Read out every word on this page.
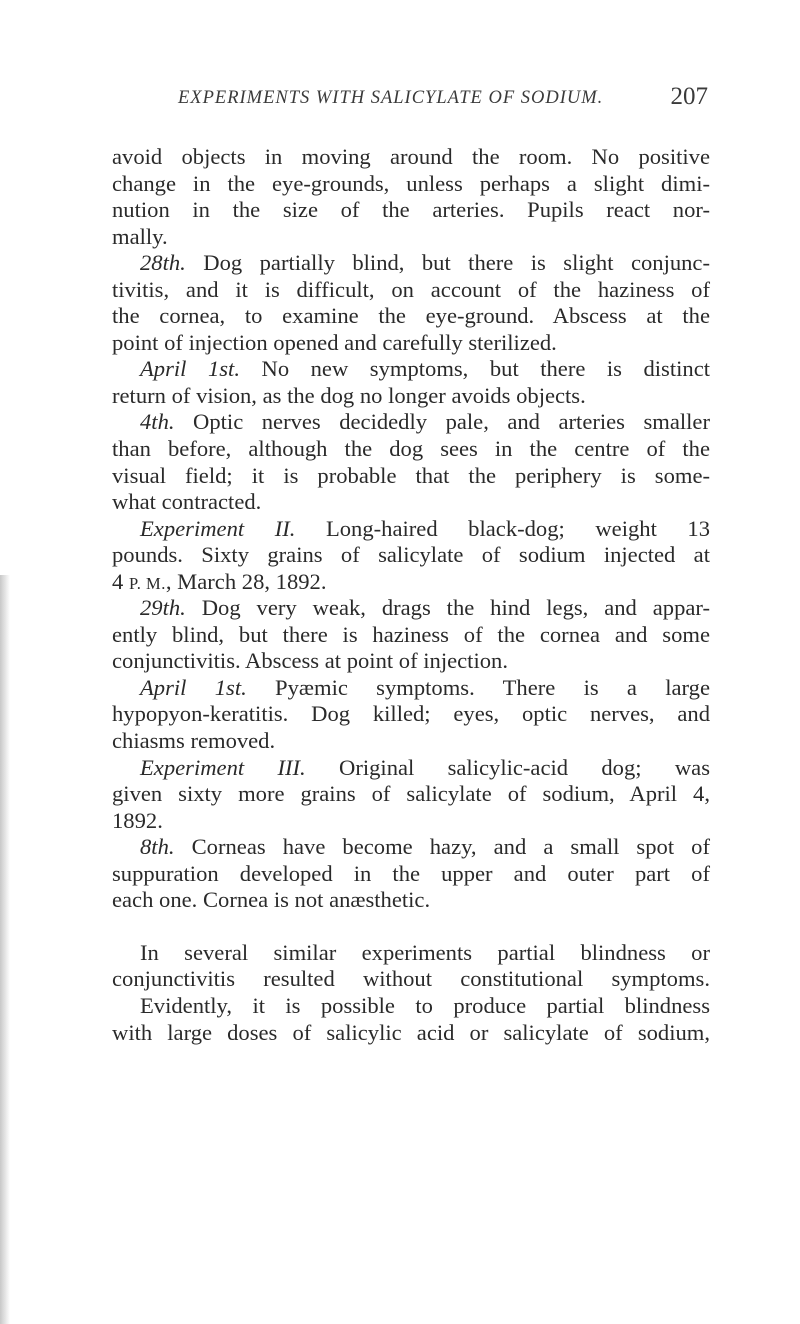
EXPERIMENTS WITH SALICYLATE OF SODIUM.	207
avoid objects in moving around the room. No positive
change in the eye-grounds, unless perhaps a slight dimi-
nution in the size of the arteries. Pupils react nor-
mally.
28th. Dog partially blind, but there is slight conjunc-
tivitis, and it is difficult, on account of the haziness of
the cornea, to examine the eye-ground. Abscess at the
point of injection opened and carefully sterilized.
April 1st. No new symptoms, but there is distinct
return of vision, as the dog no longer avoids objects.
4th. Optic nerves decidedly pale, and arteries smaller
than before, although the dog sees in the centre of the
visual field; it is probable that the periphery is some-
what contracted.
Experiment II. Long-haired black-dog; weight 13
pounds. Sixty grains of salicylate of sodium injected at
4 P. M., March 28, 1892.
29th. Dog very weak, drags the hind legs, and appar-
ently blind, but there is haziness of the cornea and some
conjunctivitis. Abscess at point of injection.
April 1st. Pyæmic symptoms. There is a large
hypopyon-keratitis. Dog killed; eyes, optic nerves, and
chiasms removed.
Experiment III. Original salicylic-acid dog; was
given sixty more grains of salicylate of sodium, April 4,
1892.
8th. Corneas have become hazy, and a small spot of
suppuration developed in the upper and outer part of
each one. Cornea is not anæsthetic.
In several similar experiments partial blindness or
conjunctivitis resulted without constitutional symptoms.
Evidently, it is possible to produce partial blindness
with large doses of salicylic acid or salicylate of sodium,
